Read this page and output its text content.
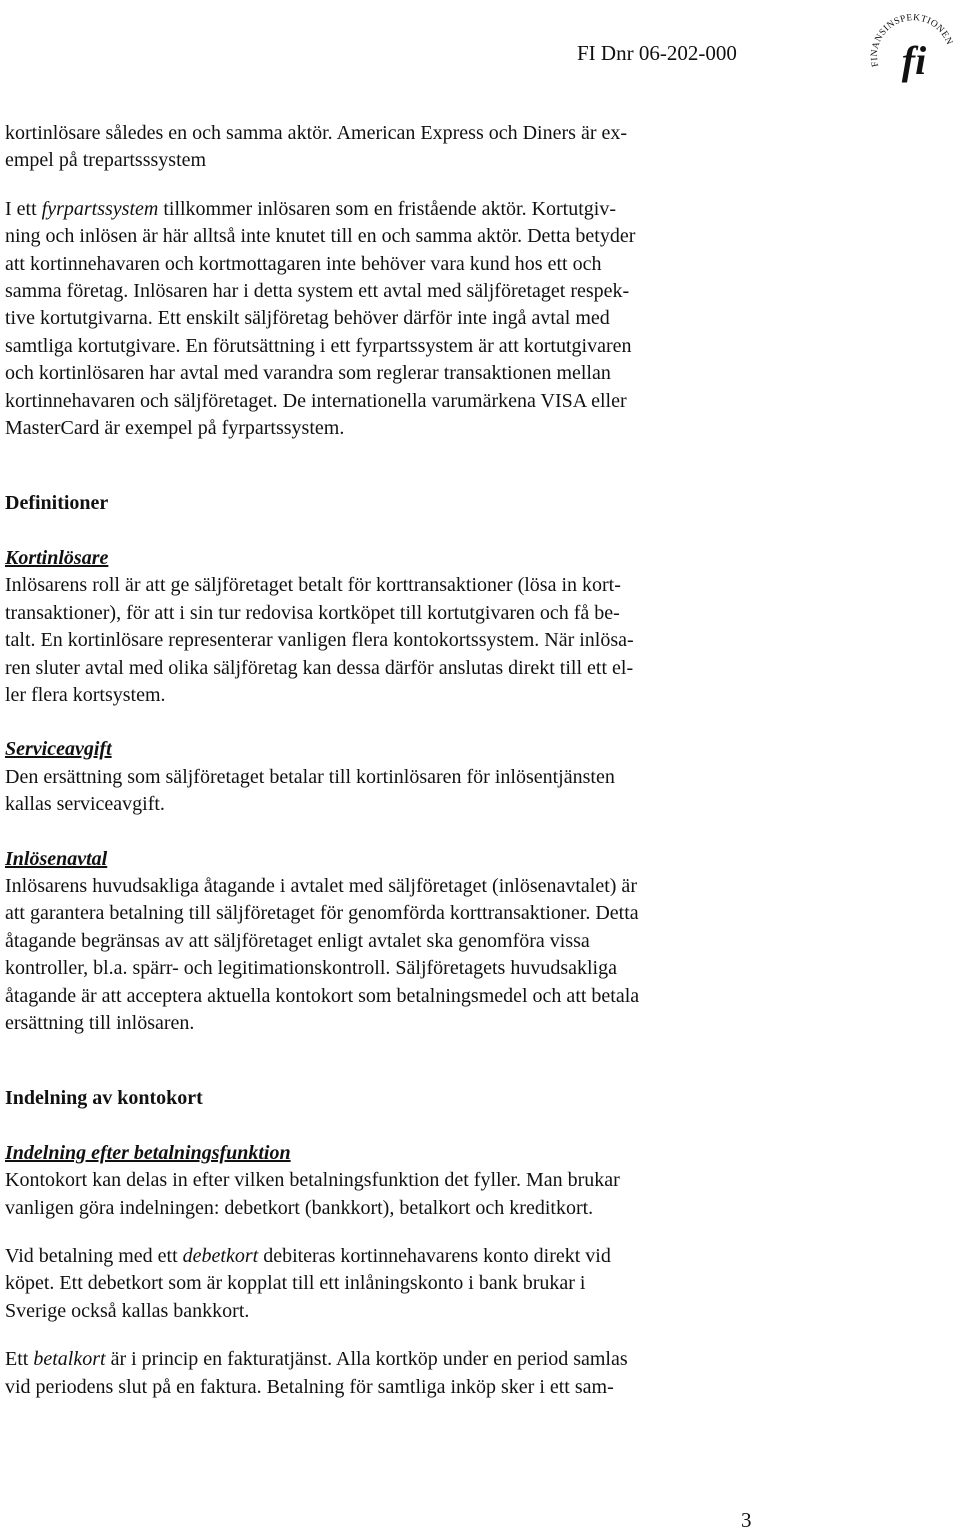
FI Dnr 06-202-000	FINANSINSPEKTIONEN
fi

kortinlösare således en och samma aktör. American Express och Diners är ex-
empel på trepartsssystem

I ett fyrpartssystem tillkommer inlösaren som en fristående aktör. Kortutgiv-
ning och inlösen är här alltså inte knutet till en och samma aktör. Detta betyder
att kortinnehavaren och kortmottagaren inte behöver vara kund hos ett och
samma företag. Inlösaren har i detta system ett avtal med säljföretaget respek-
tive kortutgivarna. Ett enskilt säljföretag behöver därför inte ingå avtal med
samtliga kortutgivare. En förutsättning i ett fyrpartssystem är att kortutgivaren
och kortinlösaren har avtal med varandra som reglerar transaktionen mellan
kortinnehavaren och säljföretaget. De internationella varumärkena VISA eller
MasterCard är exempel på fyrpartssystem.

Definitioner

Kortinlösare

Inlösarens roll är att ge säljföretaget betalt för korttransaktioner (lösa in kort-
transaktioner), för att i sin tur redovisa kortköpet till kortutgivaren och få be-
talt. En kortinlösare representerar vanligen flera kontokortssystem. När inlösa-
ren sluter avtal med olika säljföretag kan dessa därför anslutas direkt till ett el-
ler flera kortsystem.

Serviceavgift

Den ersättning som säljföretaget betalar till kortinlösaren för inlösentjänsten
kallas serviceavgift.

Inlösenavtal

Inlösarens huvudsakliga åtagande i avtalet med säljföretaget (inlösenavtalet) är
att garantera betalning till säljföretaget för genomförda korttransaktioner. Detta
åtagande begränsas av att säljföretaget enligt avtalet ska genomföra vissa
kontroller, bl.a. spärr- och legitimationskontroll. Säljföretagets huvudsakliga
åtagande är att acceptera aktuella kontokort som betalningsmedel och att betala
ersättning till inlösaren.

Indelning av kontokort

Indelning efter betalningsfunktion

Kontokort kan delas in efter vilken betalningsfunktion det fyller. Man brukar
vanligen göra indelningen: debetkort (bankkort), betalkort och kreditkort.

Vid betalning med ett debetkort debiteras kortinnehavarens konto direkt vid
köpet. Ett debetkort som är kopplat till ett inlåningskonto i bank brukar i
Sverige också kallas bankkort.

Ett betalkort är i princip en fakturatjänst. Alla kortköp under en period samlas
vid periodens slut på en faktura. Betalning för samtliga inköp sker i ett sam-

3
